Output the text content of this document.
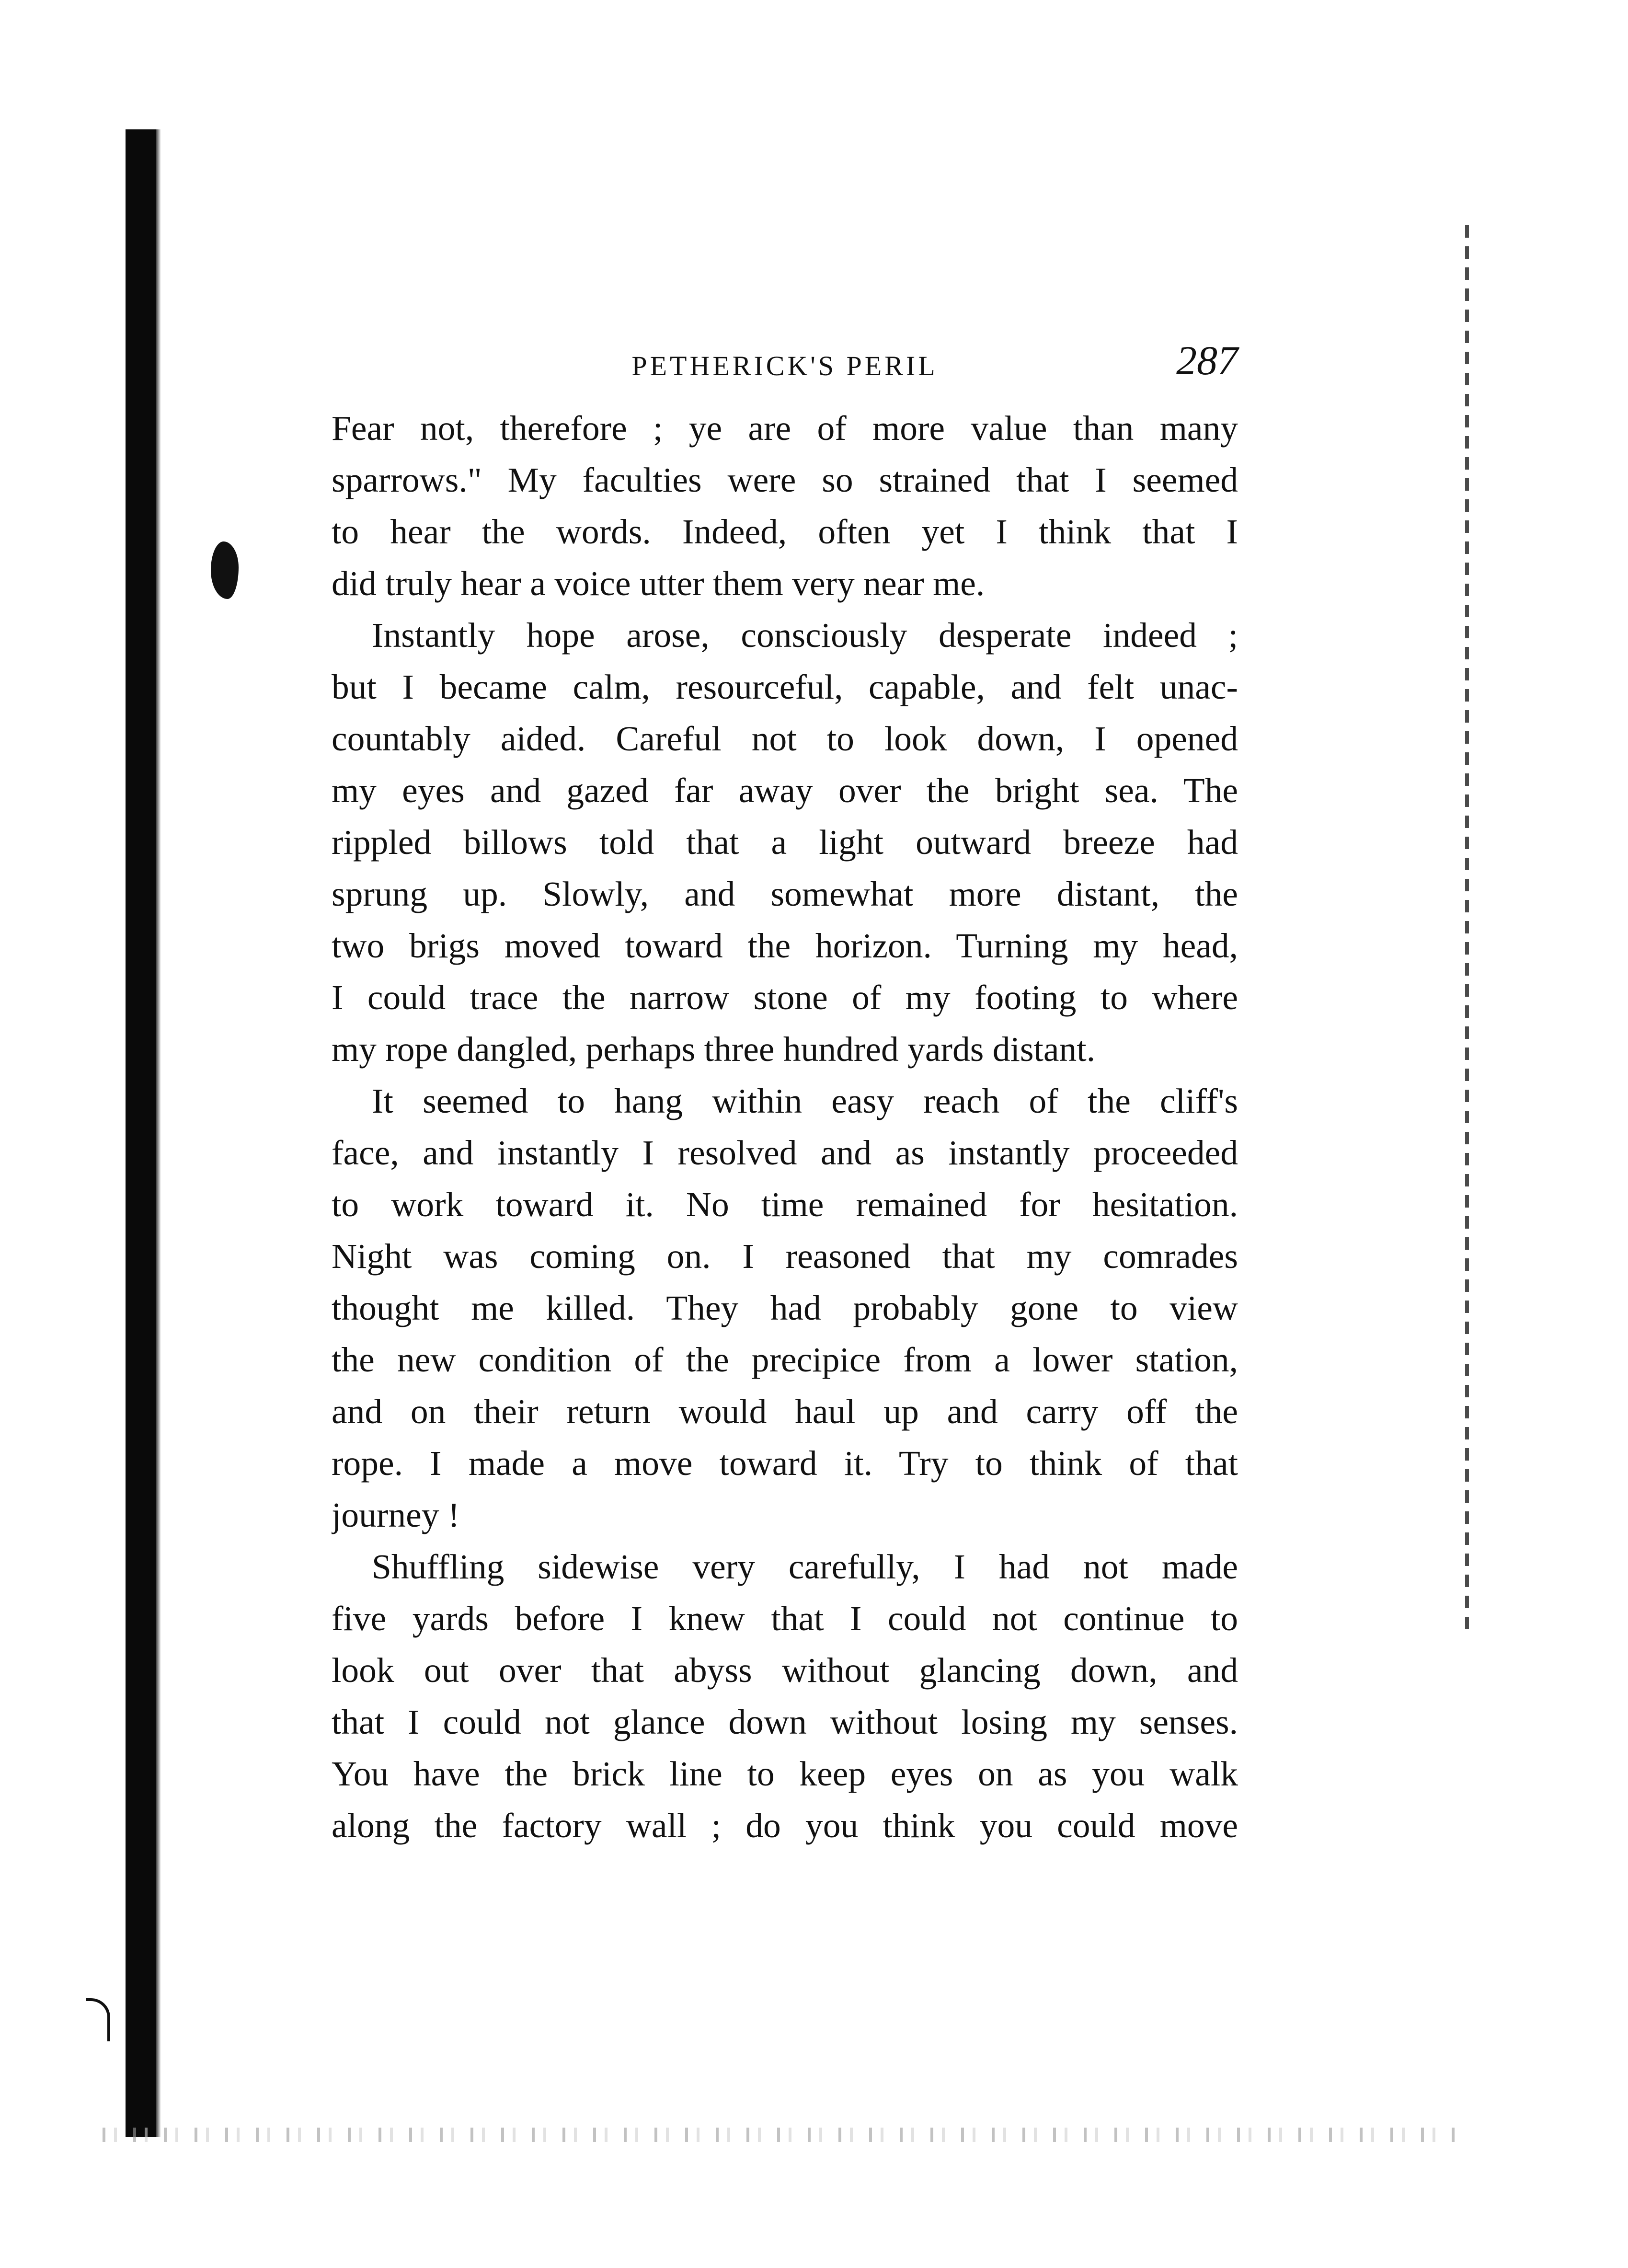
PETHERICK'S PERIL	287
Fear not, therefore ; ye are of more value than many
sparrows." My faculties were so strained that I seemed
to hear the words. Indeed, often yet I think that I
did truly hear a voice utter them very near me.
Instantly hope arose, consciously desperate indeed ;
but I became calm, resourceful, capable, and felt unac-
countably aided. Careful not to look down, I opened
my eyes and gazed far away over the bright sea. The
rippled billows told that a light outward breeze had
sprung up. Slowly, and somewhat more distant, the
two brigs moved toward the horizon. Turning my head,
I could trace the narrow stone of my footing to where
my rope dangled, perhaps three hundred yards distant.
It seemed to hang within easy reach of the cliff's
face, and instantly I resolved and as instantly proceeded
to work toward it. No time remained for hesitation.
Night was coming on. I reasoned that my comrades
thought me killed. They had probably gone to view
the new condition of the precipice from a lower station,
and on their return would haul up and carry off the
rope. I made a move toward it. Try to think of that
journey !
Shuffling sidewise very carefully, I had not made
five yards before I knew that I could not continue to
look out over that abyss without glancing down, and
that I could not glance down without losing my senses.
You have the brick line to keep eyes on as you walk
along the factory wall ; do you think you could move
